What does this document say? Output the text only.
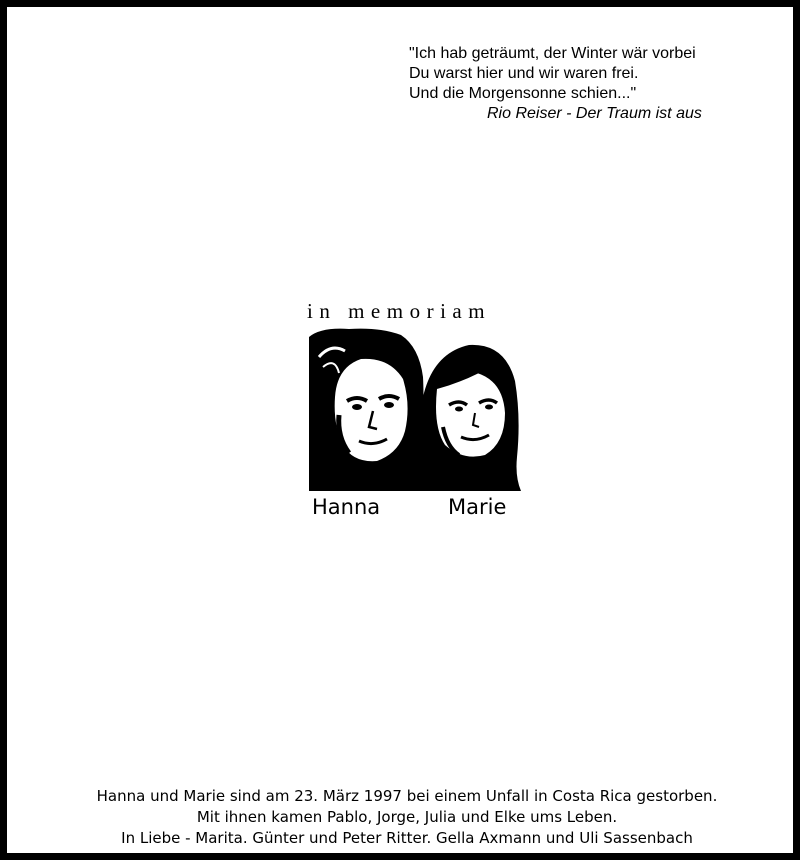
"Ich hab geträumt, der Winter wär vorbei
Du warst hier und wir waren frei.
Und die Morgensonne schien..."
Rio Reiser - Der Traum ist aus
in memoriam
Hanna	Marie
Hanna und Marie sind am 23. März 1997 bei einem Unfall in Costa Rica gestorben.
Mit ihnen kamen Pablo, Jorge, Julia und Elke ums Leben.
In Liebe - Marita. Günter und Peter Ritter. Gella Axmann und Uli Sassenbach
